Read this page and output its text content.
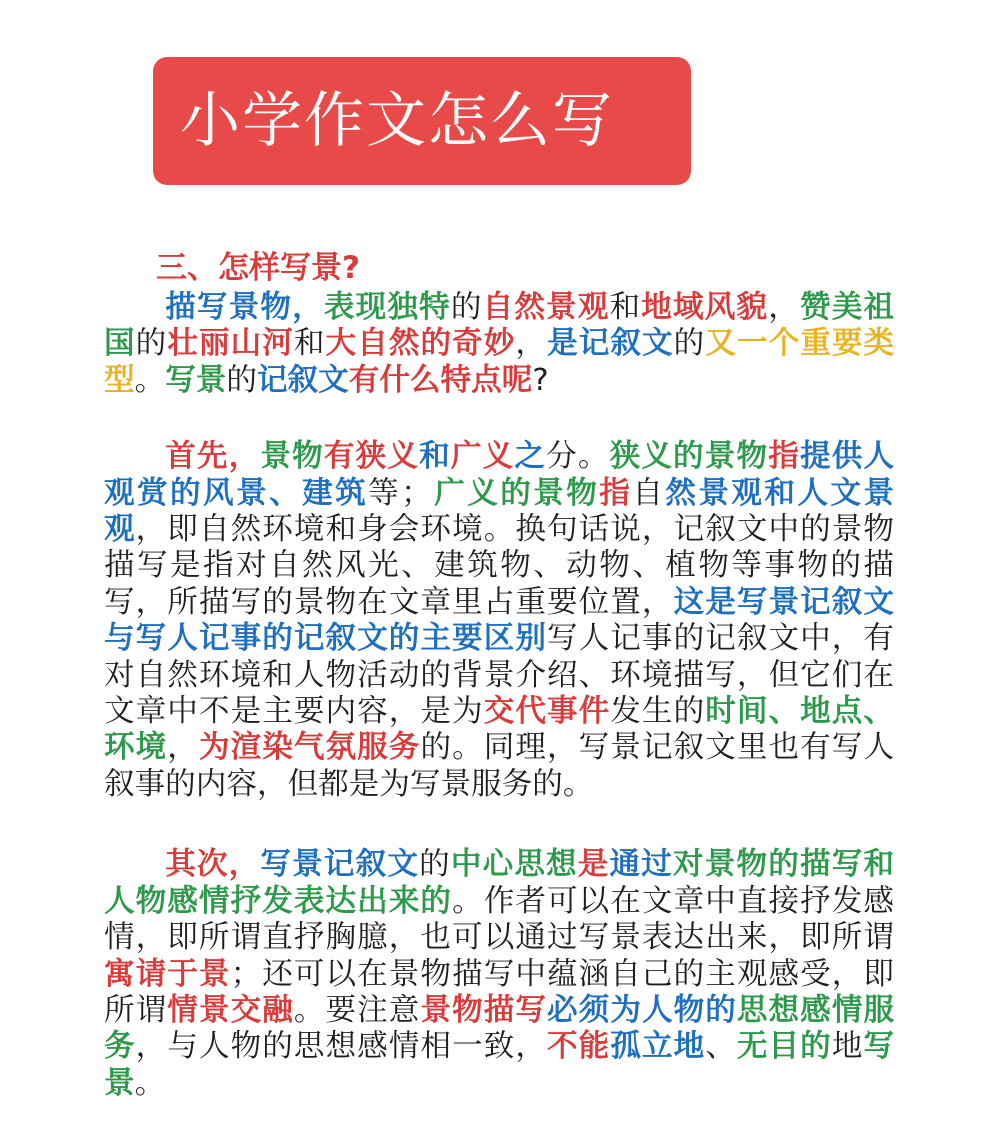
小学作文怎么写
三、怎样写景?

描写景物，表现独特的自然景观和地域风貌，赞美祖国的壮丽山河和大自然的奇妙，是记叙文的又一个重要类型。写景的记叙文有什么特点呢?

首先，景物有狭义和广义之分。狭义的景物指提供人观赏的风景、建筑等；广义的景物指自然景观和人文景观，即自然环境和身会环境。换句话说，记叙文中的景物描写是指对自然风光、建筑物、动物、植物等事物的描写，所描写的景物在文章里占重要位置，这是写景记叙文与写人记事的记叙文的主要区别写人记事的记叙文中，有对自然环境和人物活动的背景介绍、环境描写，但它们在文章中不是主要内容，是为交代事件发生的时间、地点、环境，为渲染气氛服务的。同理，写景记叙文里也有写人叙事的内容，但都是为写景服务的。

其次，写景记叙文的中心思想是通过对景物的描写和人物感情抒发表达出来的。作者可以在文章中直接抒发感情，即所谓直抒胸臆，也可以通过写景表达出来，即所谓寓请于景；还可以在景物描写中蕴涵自己的主观感受，即所谓情景交融。要注意景物描写必须为人物的思想感情服务，与人物的思想感情相一致，不能孤立地、无目的地写景。
